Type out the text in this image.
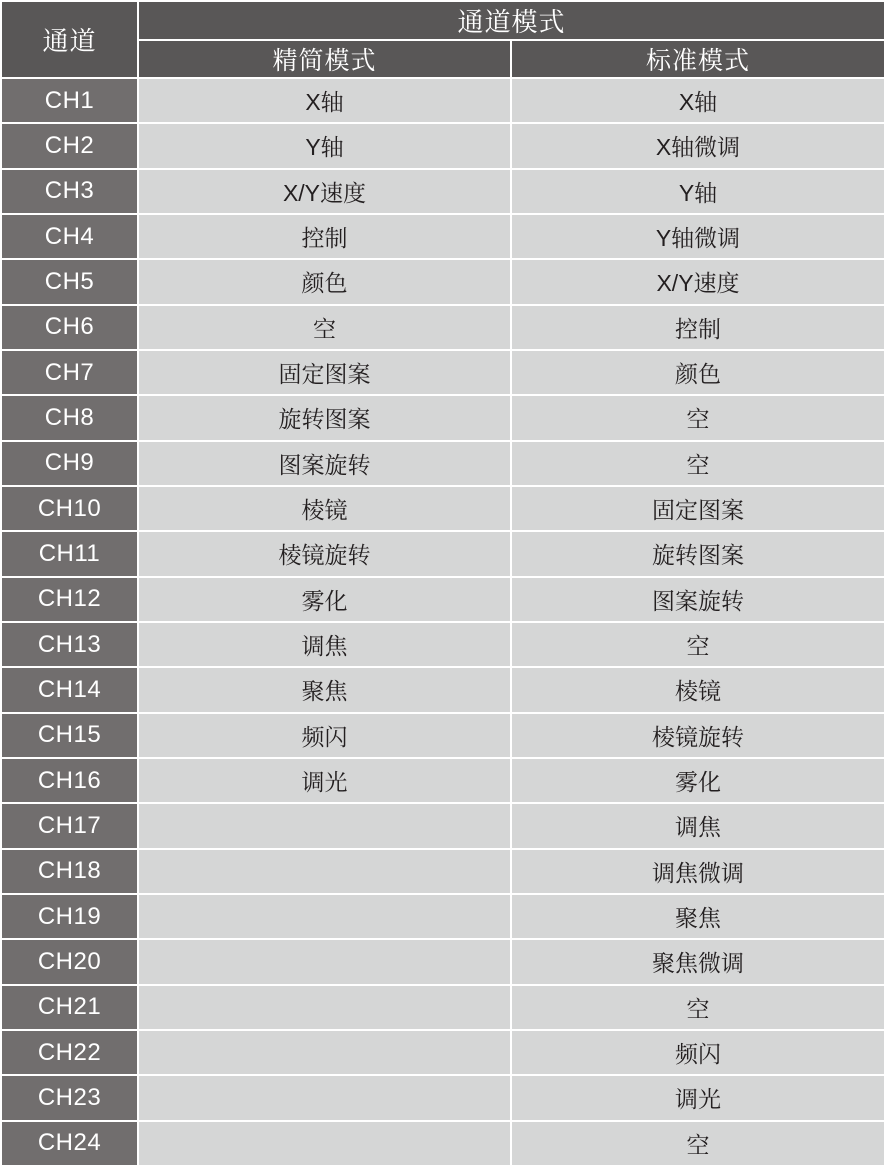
通道	通道模式	
	精简模式	标准模式
CH1	X轴	X轴
CH2	Y轴	X轴微调
CH3	X/Y速度	Y轴
CH4	控制	Y轴微调
CH5	颜色	X/Y速度
CH6	空	控制
CH7	固定图案	颜色
CH8	旋转图案	空
CH9	图案旋转	空
CH10	棱镜	固定图案
CH11	棱镜旋转	旋转图案
CH12	雾化	图案旋转
CH13	调焦	空
CH14	聚焦	棱镜
CH15	频闪	棱镜旋转
CH16	调光	雾化
CH17		调焦
CH18		调焦微调
CH19		聚焦
CH20		聚焦微调
CH21		空
CH22		频闪
CH23		调光
CH24		空
